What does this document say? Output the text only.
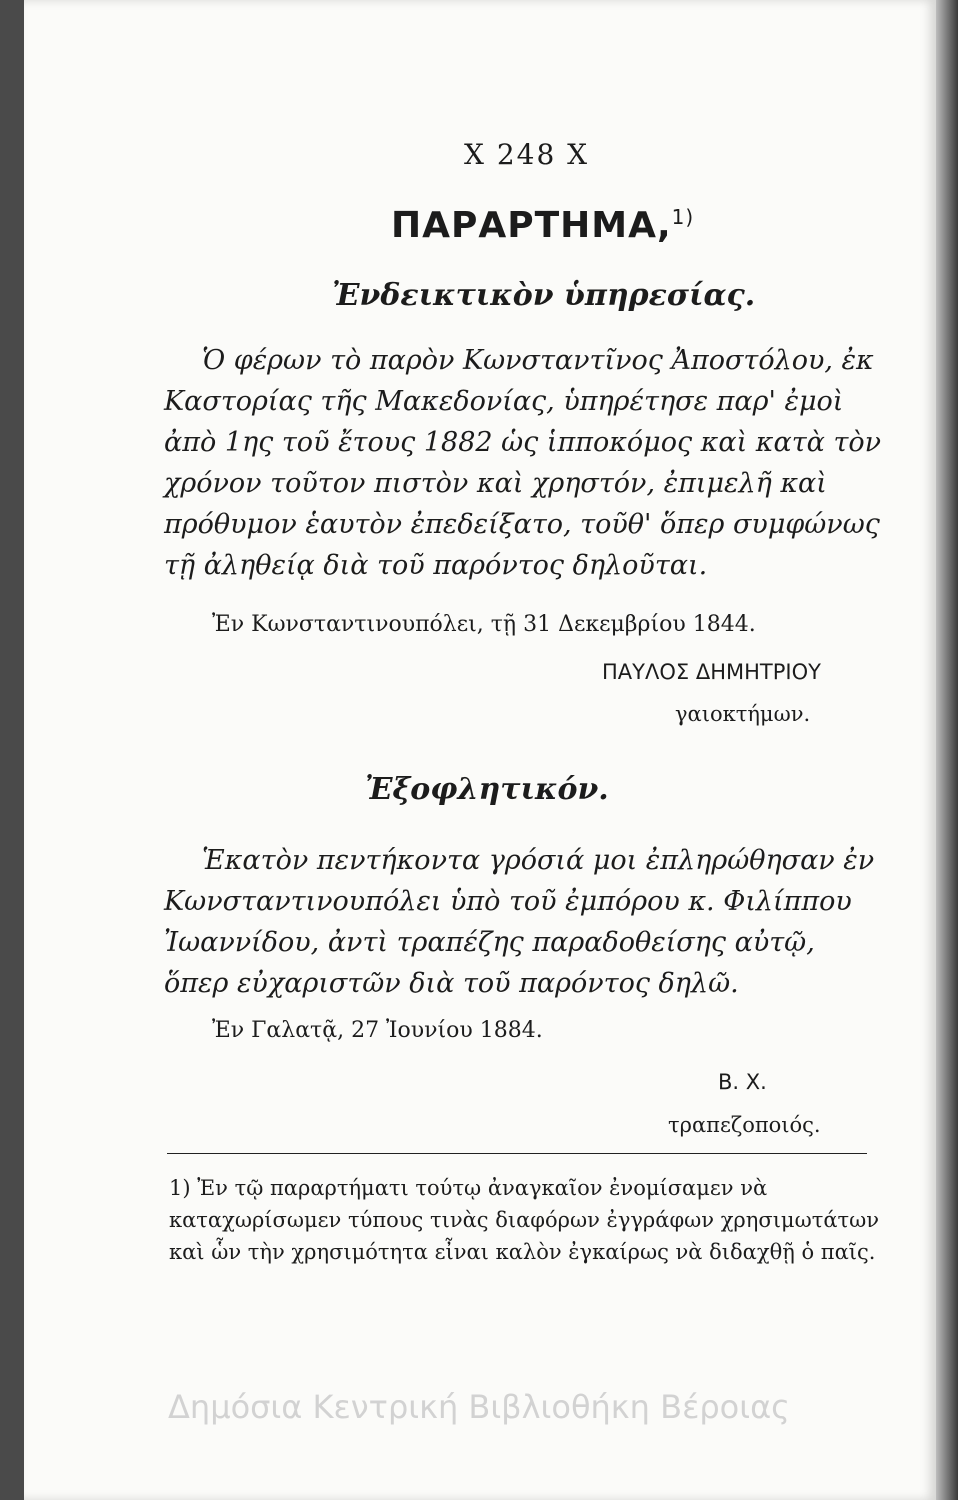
Χ 248 Χ
ΠΑΡΑΡΤΗΜΑ,$^{1)}$
Ἐνδεικτικὸν ὑπηρεσίας.
Ὁ φέρων τὸ παρὸν Κωνσταντῖνος Ἀποστόλου, ἐκ Καστορίας τῆς Μακεδονίας, ὑπηρέτησε παρ' ἐμοὶ ἀπὸ 1ης τοῦ ἔτους 1882 ὡς ἱπποκόμος καὶ κατὰ τὸν χρόνον τοῦτον πιστὸν καὶ χρηστόν, ἐπιμελῆ καὶ πρόθυμον ἑαυτὸν ἐπεδείξατο, τοῦθ' ὅπερ συμφώνως τῇ ἀληθείᾳ διὰ τοῦ παρόντος δηλοῦται.
Ἐν Κωνσταντινουπόλει, τῇ 31 Δεκεμβρίου 1844.
ΠΑΥΛΟΣ ΔΗΜΗΤΡΙΟΥ
γαιοκτήμων.
Ἐξοφλητικόν.
Ἑκατὸν πεντήκοντα γρόσιά μοι ἐπληρώθησαν ἐν Κωνσταντινουπόλει ὑπὸ τοῦ ἐμπόρου κ. Φιλίππου Ἰωαννίδου, ἀντὶ τραπέζης παραδοθείσης αὐτῷ, ὅπερ εὐχαριστῶν διὰ τοῦ παρόντος δηλῶ.
Ἐν Γαλατᾷ, 27 Ἰουνίου 1884.
Β. Χ.
τραπεζοποιός.
1) Ἐν τῷ παραρτήματι τούτῳ ἀναγκαῖον ἐνομίσαμεν νὰ καταχωρίσωμεν τύπους τινὰς διαφόρων ἐγγράφων χρησιμωτάτων καὶ ὧν τὴν χρησιμότητα εἶναι καλὸν ἐγκαίρως νὰ διδαχθῇ ὁ παῖς.
Δημόσια Κεντρική Βιβλιοθήκη Βέροιας
